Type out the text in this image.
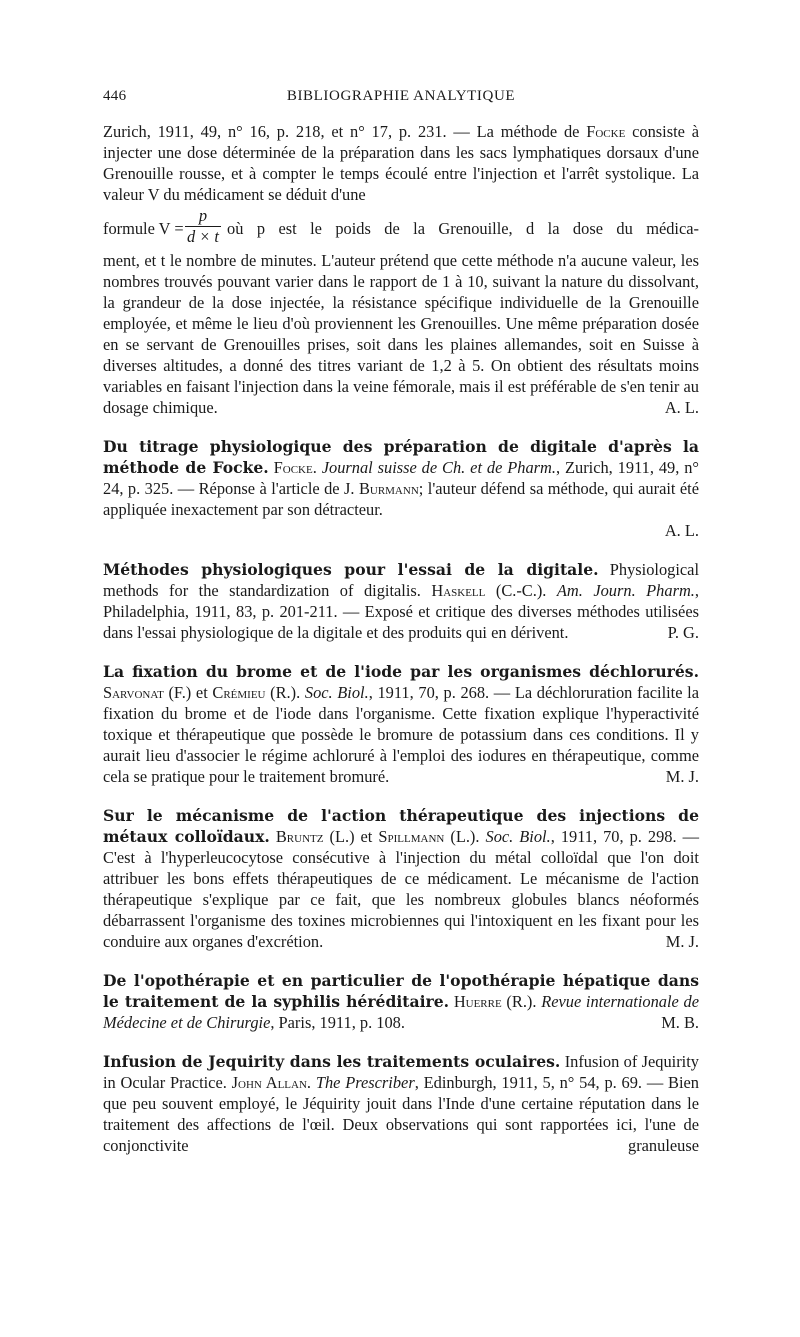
446	BIBLIOGRAPHIE ANALYTIQUE

Zurich, 1911, 49, n° 16, p. 218, et n° 17, p. 231. — La méthode de Focke consiste à injecter une dose déterminée de la préparation dans les sacs lymphatiques dorsaux d'une Grenouille rousse, et à compter le temps écoulé entre l'injection et l'arrêt systolique. La valeur V du médicament se déduit d'une

formule $V = \frac{p}{d \times t}$ où p est le poids de la Grenouille, d la dose du médica-

ment, et t le nombre de minutes. L'auteur prétend que cette méthode n'a aucune valeur, les nombres trouvés pouvant varier dans le rapport de 1 à 10, suivant la nature du dissolvant, la grandeur de la dose injectée, la résistance spécifique individuelle de la Grenouille employée, et même le lieu d'où proviennent les Grenouilles. Une même préparation dosée en se servant de Grenouilles prises, soit dans les plaines allemandes, soit en Suisse à diverses altitudes, a donné des titres variant de 1,2 à 5. On obtient des résultats moins variables en faisant l'injection dans la veine fémorale, mais il est préférable de s'en tenir au dosage chimique.	A. L.

Du titrage physiologique des préparation de digitale d'après la méthode de Focke. Focke. Journal suisse de Ch. et de Pharm., Zurich, 1911, 49, n° 24, p. 325. — Réponse à l'article de J. Burmann; l'auteur défend sa méthode, qui aurait été appliquée inexactement par son détracteur.

A. L.

Méthodes physiologiques pour l'essai de la digitale. Physiological methods for the standardization of digitalis. Haskell (C.-C.). Am. Journ. Pharm., Philadelphia, 1911, 83, p. 201-211. — Exposé et critique des diverses méthodes utilisées dans l'essai physiologique de la digitale et des produits qui en dérivent.	P. G.

La fixation du brome et de l'iode par les organismes déchlorurés. Sarvonat (F.) et Crémieu (R.). Soc. Biol., 1911, 70, p. 268. — La déchloruration facilite la fixation du brome et de l'iode dans l'organisme. Cette fixation explique l'hyperactivité toxique et thérapeutique que possède le bromure de potassium dans ces conditions. Il y aurait lieu d'associer le régime achloruré à l'emploi des iodures en thérapeutique, comme cela se pratique pour le traitement bromuré.	M. J.

Sur le mécanisme de l'action thérapeutique des injections de métaux colloïdaux. Bruntz (L.) et Spillmann (L.). Soc. Biol., 1911, 70, p. 298. — C'est à l'hyperleucocytose consécutive à l'injection du métal colloïdal que l'on doit attribuer les bons effets thérapeutiques de ce médicament. Le mécanisme de l'action thérapeutique s'explique par ce fait, que les nombreux globules blancs néoformés débarrassent l'organisme des toxines microbiennes qui l'intoxiquent en les fixant pour les conduire aux organes d'excrétion.	M. J.

De l'opothérapie et en particulier de l'opothérapie hépatique dans le traitement de la syphilis héréditaire. Huerre (R.). Revue internationale de Médecine et de Chirurgie, Paris, 1911, p. 108.	M. B.

Infusion de Jequirity dans les traitements oculaires. Infusion of Jequirity in Ocular Practice. John Allan. The Prescriber, Edinburgh, 1911, 5, n° 54, p. 69. — Bien que peu souvent employé, le Jéquirity jouit dans l'Inde d'une certaine réputation dans le traitement des affections de l'œil. Deux observations qui sont rapportées ici, l'une de conjonctivite granuleuse
